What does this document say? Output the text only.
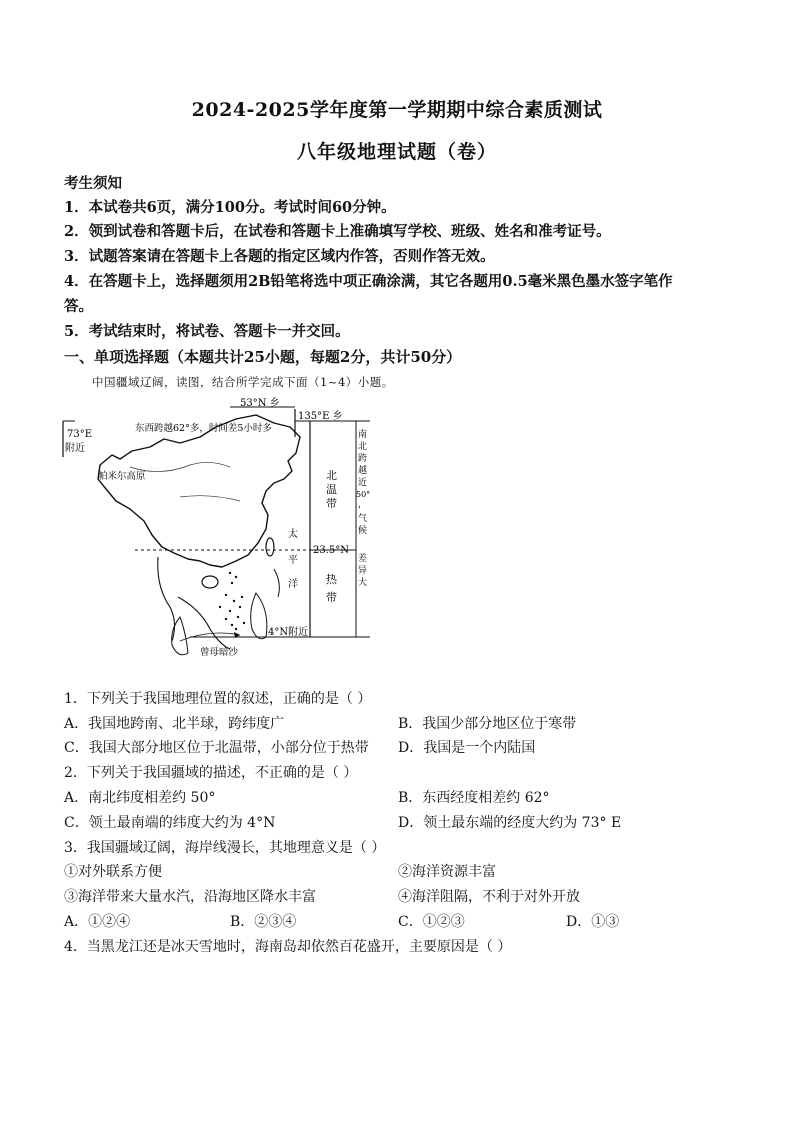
2024-2025学年度第一学期期中综合素质测试
八年级地理试题（卷）
考生须知
1．本试卷共6页，满分100分。考试时间60分钟。
2．领到试卷和答题卡后，在试卷和答题卡上准确填写学校、班级、姓名和准考证号。
3．试题答案请在答题卡上各题的指定区域内作答，否则作答无效。
4．在答题卡上，选择题须用2B铅笔将选中项正确涂满，其它各题用0.5毫米黑色墨水签字笔作
答。
5．考试结束时，将试卷、答题卡一并交回。
一、单项选择题（本题共计25小题，每题2分，共计50分）
中国疆域辽阔，读图，结合所学完成下面（1~4）小题。
53°N 乡
135°E 乡
73°E
附近
东西跨越62°多，时间差5小时多
帕米尔高原	北
温
带
23.5°N
热
带
太
平
洋
4°N附近
曾母暗沙
南
北
跨
越
近
50°
，
气
候
差
异
大
1．下列关于我国地理位置的叙述，正确的是（ ）
A．我国地跨南、北半球，跨纬度广	B．我国少部分地区位于寒带
C．我国大部分地区位于北温带，小部分位于热带 D．我国是一个内陆国
2．下列关于我国疆域的描述，不正确的是（ ）
A．南北纬度相差约 50°	B．东西经度相差约 62°
C．领土最南端的纬度大约为 4°N	D．领土最东端的经度大约为 73° E
3．我国疆域辽阔，海岸线漫长，其地理意义是（ ）
①对外联系方便	②海洋资源丰富
③海洋带来大量水汽，沿海地区降水丰富	④海洋阻隔，不利于对外开放
A．①②④	B．②③④	C．①②③	D．①③
4．当黑龙江还是冰天雪地时，海南岛却依然百花盛开，主要原因是（ ）
